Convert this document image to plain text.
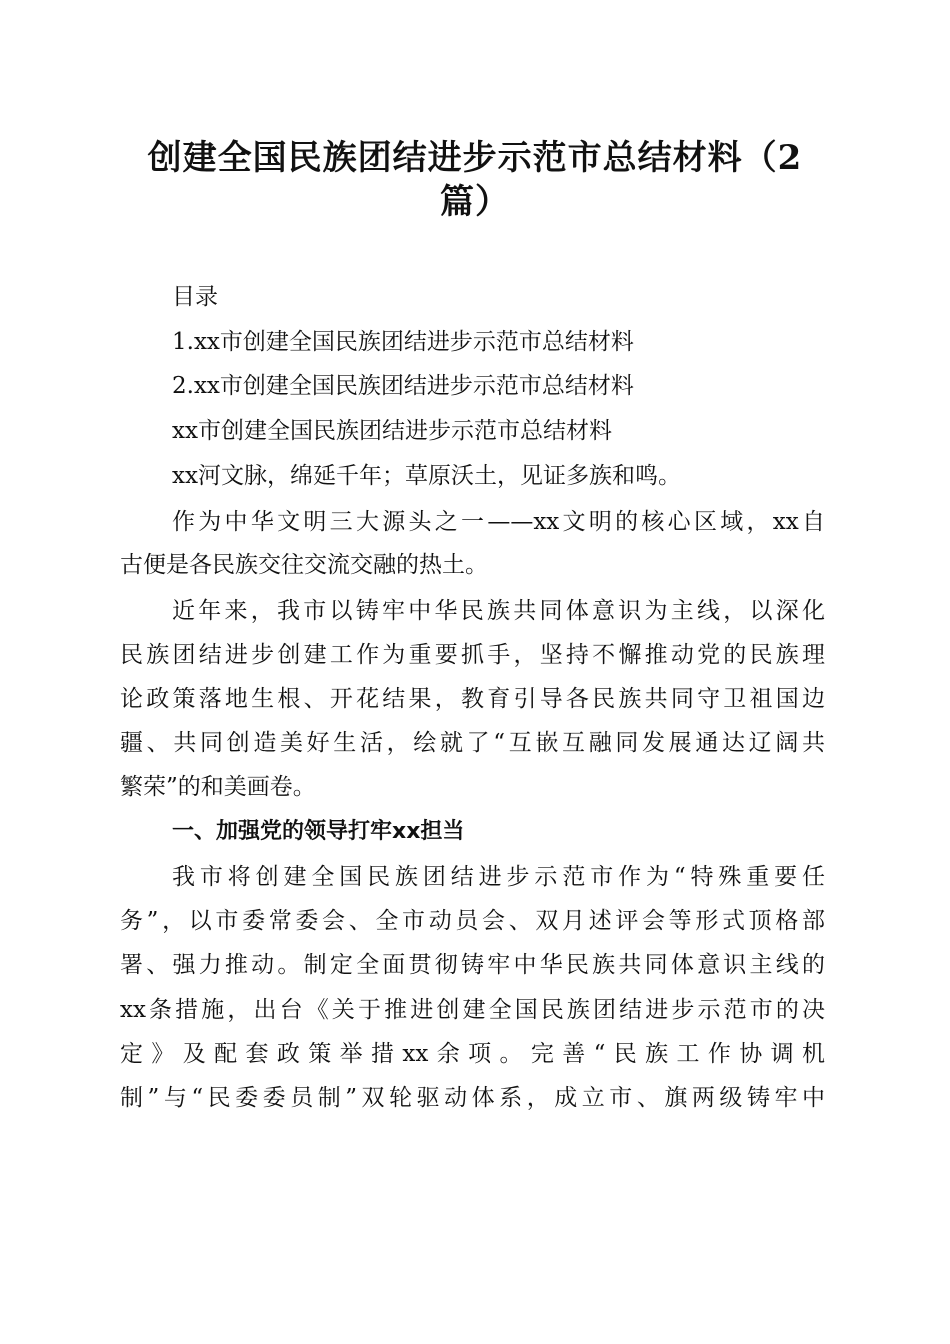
创建全国民族团结进步示范市总结材料（2
篇）
目录
1.xx市创建全国民族团结进步示范市总结材料
2.xx市创建全国民族团结进步示范市总结材料
xx市创建全国民族团结进步示范市总结材料
xx河文脉，绵延千年；草原沃土，见证多族和鸣。
作为中华文明三大源头之一——xx文明的核心区域，xx自
古便是各民族交往交流交融的热土。
近年来，我市以铸牢中华民族共同体意识为主线，以深化
民族团结进步创建工作为重要抓手，坚持不懈推动党的民族理
论政策落地生根、开花结果，教育引导各民族共同守卫祖国边
疆、共同创造美好生活，绘就了“互嵌互融同发展通达辽阔共
繁荣”的和美画卷。
一、加强党的领导打牢xx担当
我市将创建全国民族团结进步示范市作为“特殊重要任
务”，以市委常委会、全市动员会、双月述评会等形式顶格部
署、强力推动。制定全面贯彻铸牢中华民族共同体意识主线的
xx条措施，出台《关于推进创建全国民族团结进步示范市的决
定》及配套政策举措xx余项。完善“民族工作协调机
制”与“民委委员制”双轮驱动体系，成立市、旗两级铸牢中
